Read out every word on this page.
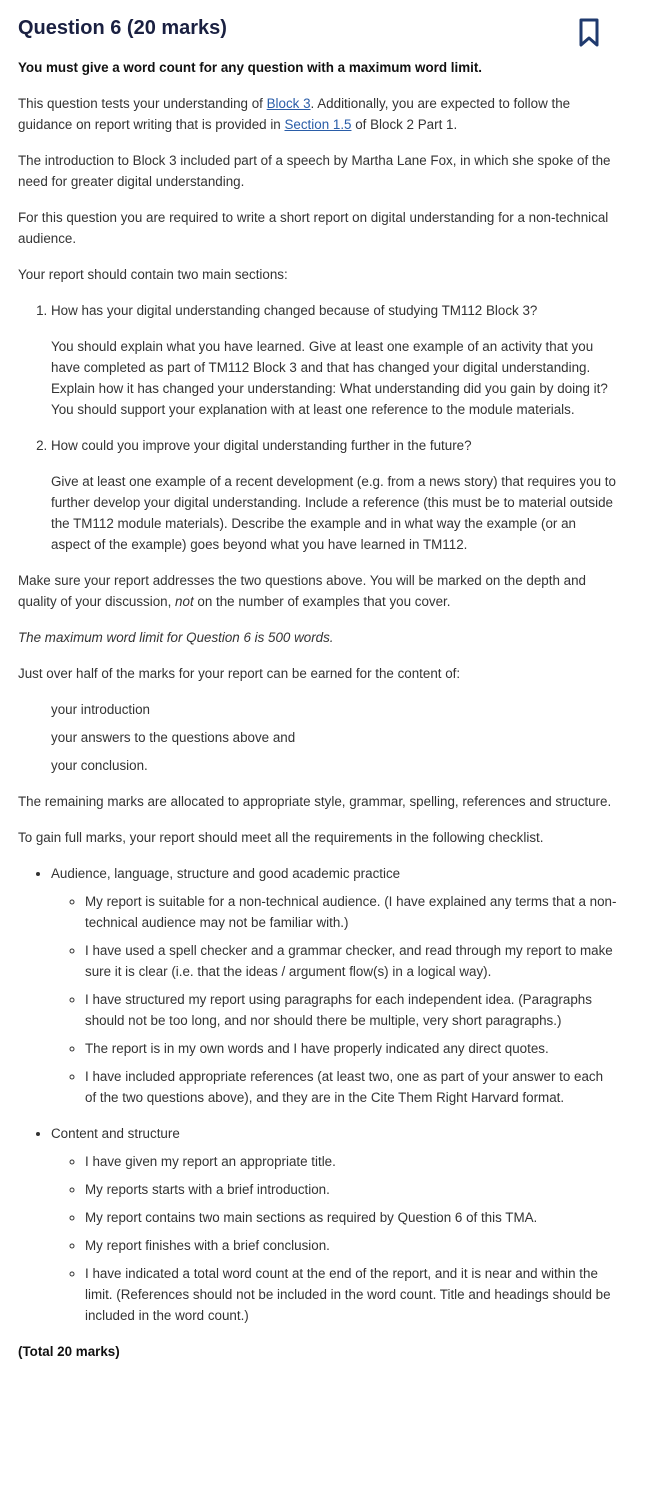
Question 6 (20 marks)

You must give a word count for any question with a maximum word limit.

This question tests your understanding of Block 3. Additionally, you are expected to follow the guidance on report writing that is provided in Section 1.5 of Block 2 Part 1.

The introduction to Block 3 included part of a speech by Martha Lane Fox, in which she spoke of the need for greater digital understanding.

For this question you are required to write a short report on digital understanding for a non-technical audience.

Your report should contain two main sections:

1. How has your digital understanding changed because of studying TM112 Block 3?

You should explain what you have learned. Give at least one example of an activity that you have completed as part of TM112 Block 3 and that has changed your digital understanding. Explain how it has changed your understanding: What understanding did you gain by doing it? You should support your explanation with at least one reference to the module materials.

2. How could you improve your digital understanding further in the future?

Give at least one example of a recent development (e.g. from a news story) that requires you to further develop your digital understanding. Include a reference (this must be to material outside the TM112 module materials). Describe the example and in what way the example (or an aspect of the example) goes beyond what you have learned in TM112.

Make sure your report addresses the two questions above. You will be marked on the depth and quality of your discussion, not on the number of examples that you cover.

The maximum word limit for Question 6 is 500 words.

Just over half of the marks for your report can be earned for the content of:

your introduction
your answers to the questions above and
your conclusion.

The remaining marks are allocated to appropriate style, grammar, spelling, references and structure.

To gain full marks, your report should meet all the requirements in the following checklist.

• Audience, language, structure and good academic practice
◦ My report is suitable for a non-technical audience. (I have explained any terms that a non-technical audience may not be familiar with.)
◦ I have used a spell checker and a grammar checker, and read through my report to make sure it is clear (i.e. that the ideas / argument flow(s) in a logical way).
◦ I have structured my report using paragraphs for each independent idea. (Paragraphs should not be too long, and nor should there be multiple, very short paragraphs.)
◦ The report is in my own words and I have properly indicated any direct quotes.
◦ I have included appropriate references (at least two, one as part of your answer to each of the two questions above), and they are in the Cite Them Right Harvard format.
• Content and structure
◦ I have given my report an appropriate title.
◦ My reports starts with a brief introduction.
◦ My report contains two main sections as required by Question 6 of this TMA.
◦ My report finishes with a brief conclusion.
◦ I have indicated a total word count at the end of the report, and it is near and within the limit. (References should not be included in the word count. Title and headings should be included in the word count.)

(Total 20 marks)
